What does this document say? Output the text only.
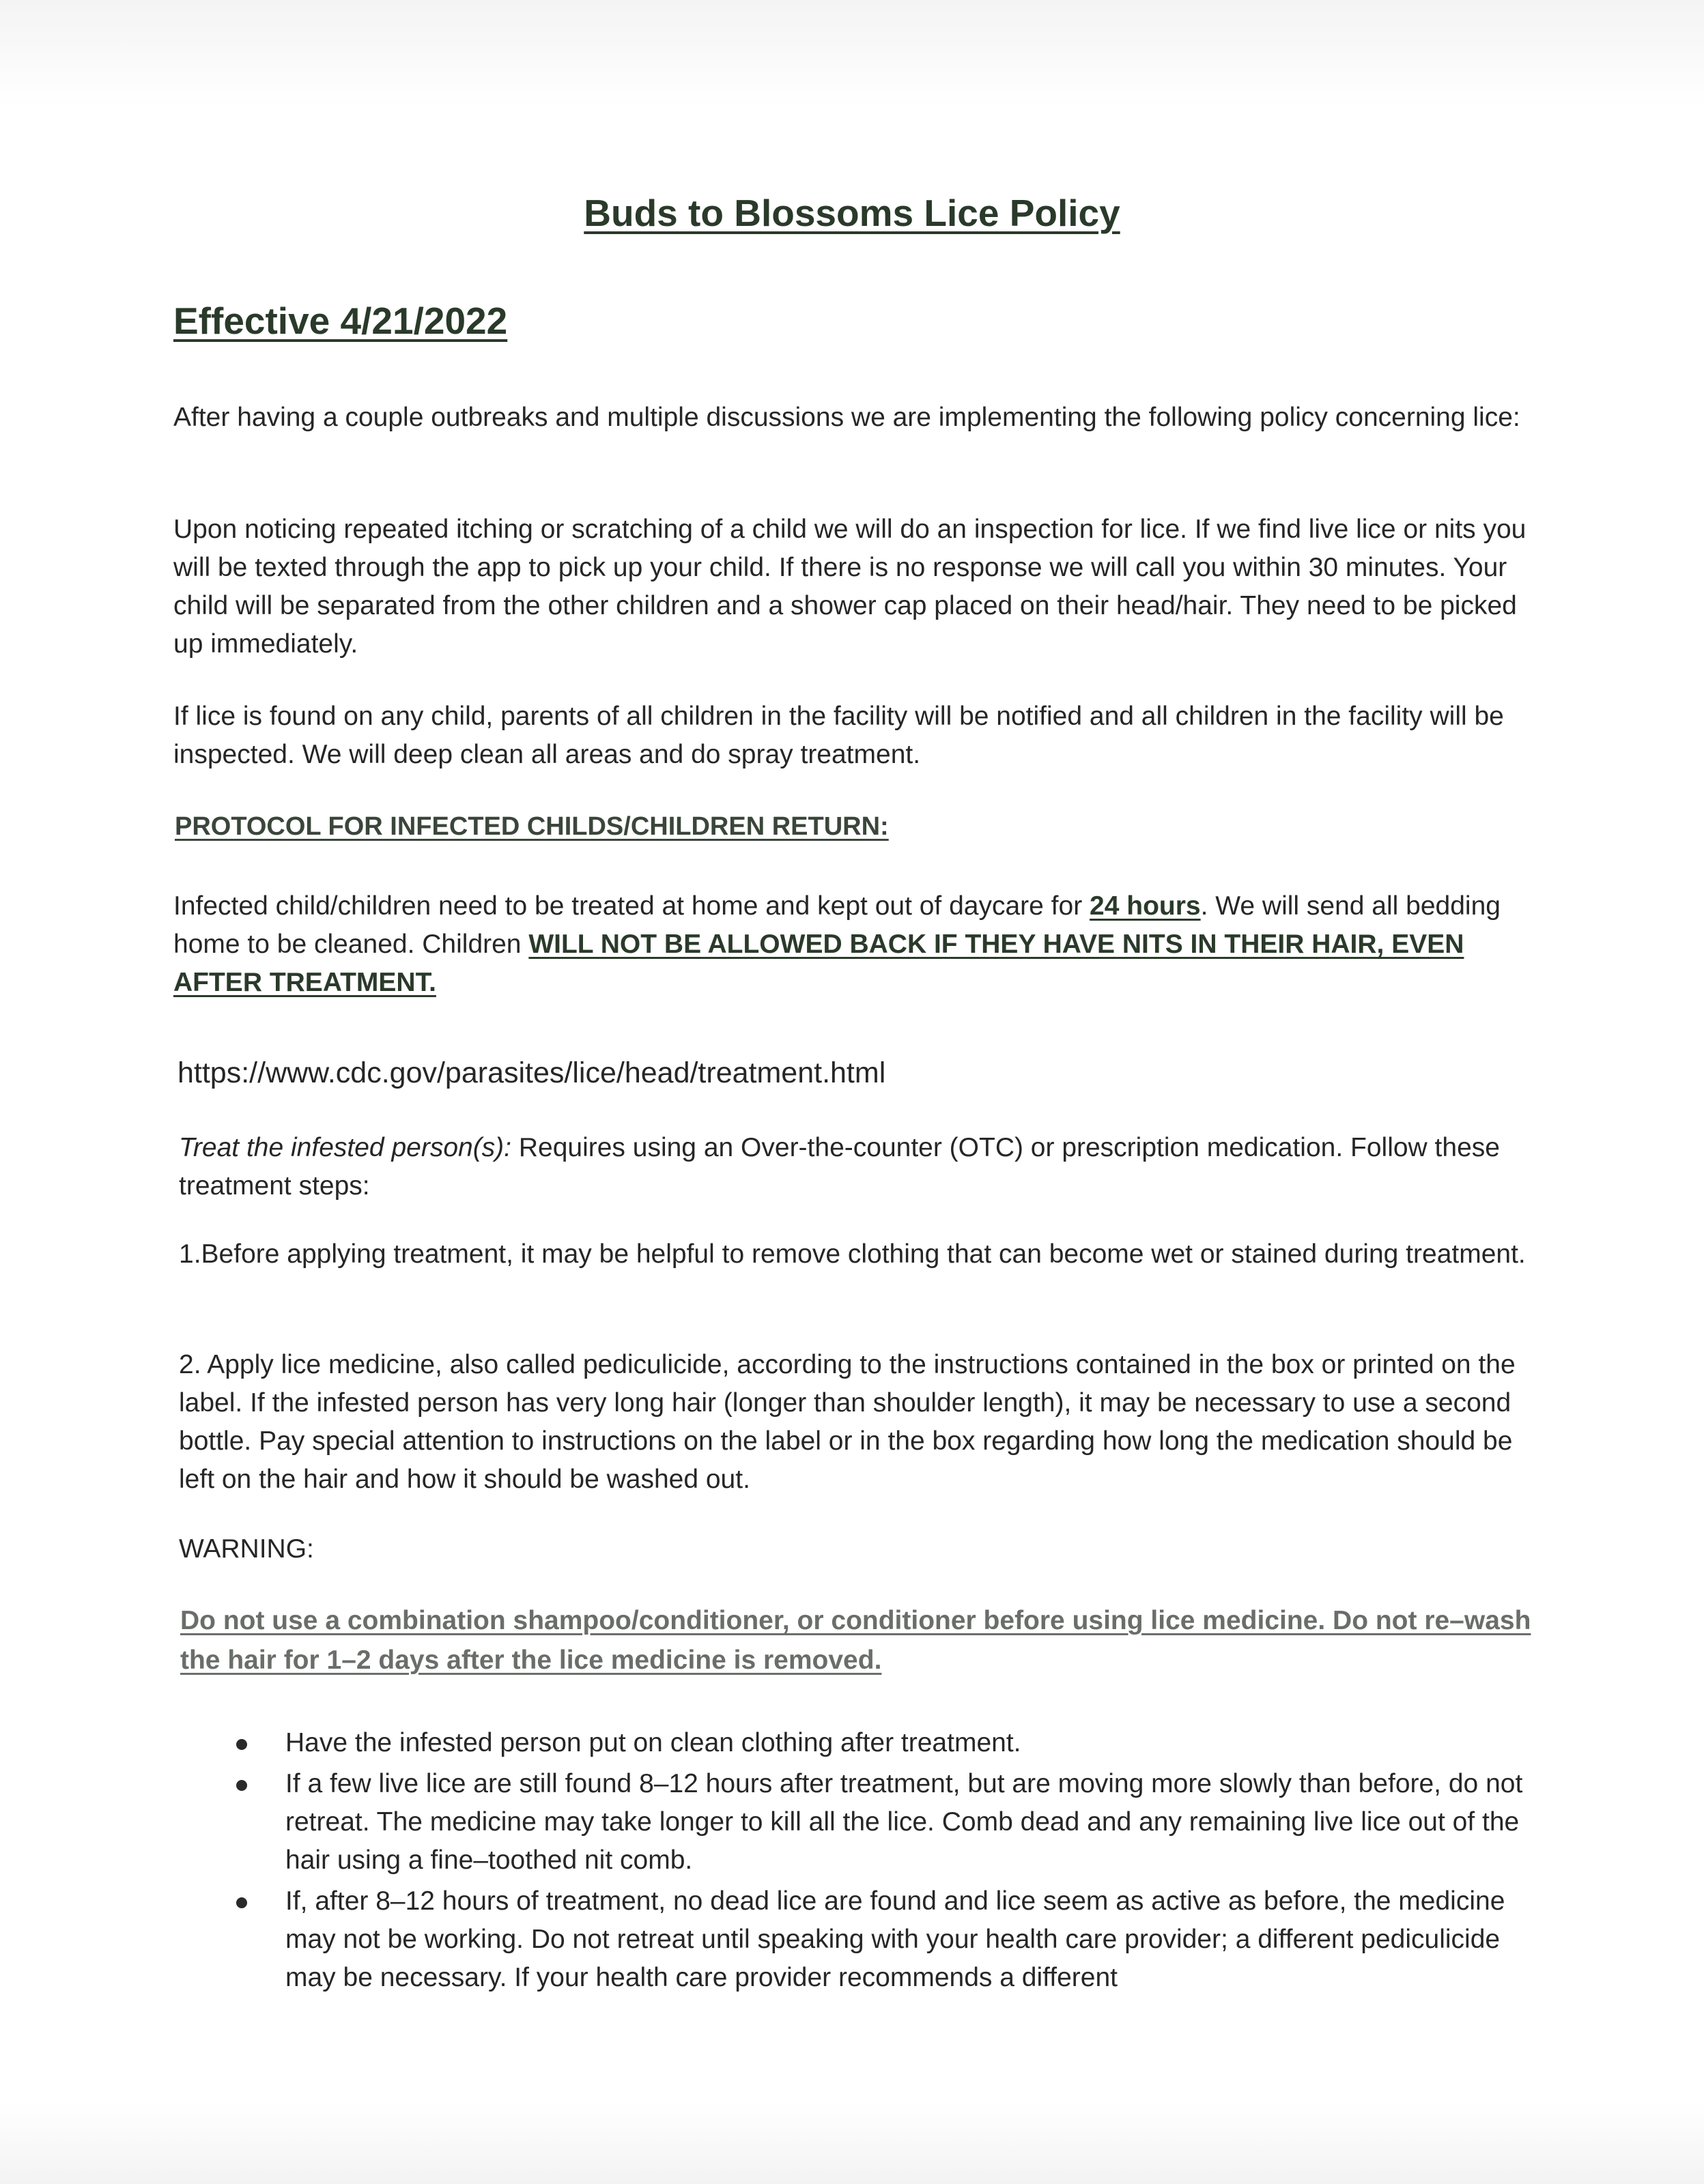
Buds to Blossoms Lice Policy
Effective 4/21/2022

After having a couple outbreaks and multiple discussions we are implementing the following policy concerning lice:

Upon noticing repeated itching or scratching of a child we will do an inspection for lice. If we find live lice or nits you will be texted through the app to pick up your child. If there is no response we will call you within 30 minutes. Your child will be separated from the other children and a shower cap placed on their head/hair. They need to be picked up immediately.

If lice is found on any child, parents of all children in the facility will be notified and all children in the facility will be inspected. We will deep clean all areas and do spray treatment.

PROTOCOL FOR INFECTED CHILDS/CHILDREN RETURN:

Infected child/children need to be treated at home and kept out of daycare for 24 hours. We will send all bedding home to be cleaned. Children WILL NOT BE ALLOWED BACK IF THEY HAVE NITS IN THEIR HAIR, EVEN AFTER TREATMENT.

https://www.cdc.gov/parasites/lice/head/treatment.html

Treat the infested person(s): Requires using an Over-the-counter (OTC) or prescription medication. Follow these treatment steps:

1.Before applying treatment, it may be helpful to remove clothing that can become wet or stained during treatment.

2. Apply lice medicine, also called pediculicide, according to the instructions contained in the box or printed on the label. If the infested person has very long hair (longer than shoulder length), it may be necessary to use a second bottle. Pay special attention to instructions on the label or in the box regarding how long the medication should be left on the hair and how it should be washed out.

WARNING:

Do not use a combination shampoo/conditioner, or conditioner before using lice medicine. Do not re–wash the hair for 1–2 days after the lice medicine is removed.

Have the infested person put on clean clothing after treatment.
If a few live lice are still found 8–12 hours after treatment, but are moving more slowly than before, do not retreat. The medicine may take longer to kill all the lice. Comb dead and any remaining live lice out of the hair using a fine–toothed nit comb.
If, after 8–12 hours of treatment, no dead lice are found and lice seem as active as before, the medicine may not be working. Do not retreat until speaking with your health care provider; a different pediculicide may be necessary. If your health care provider recommends a different
